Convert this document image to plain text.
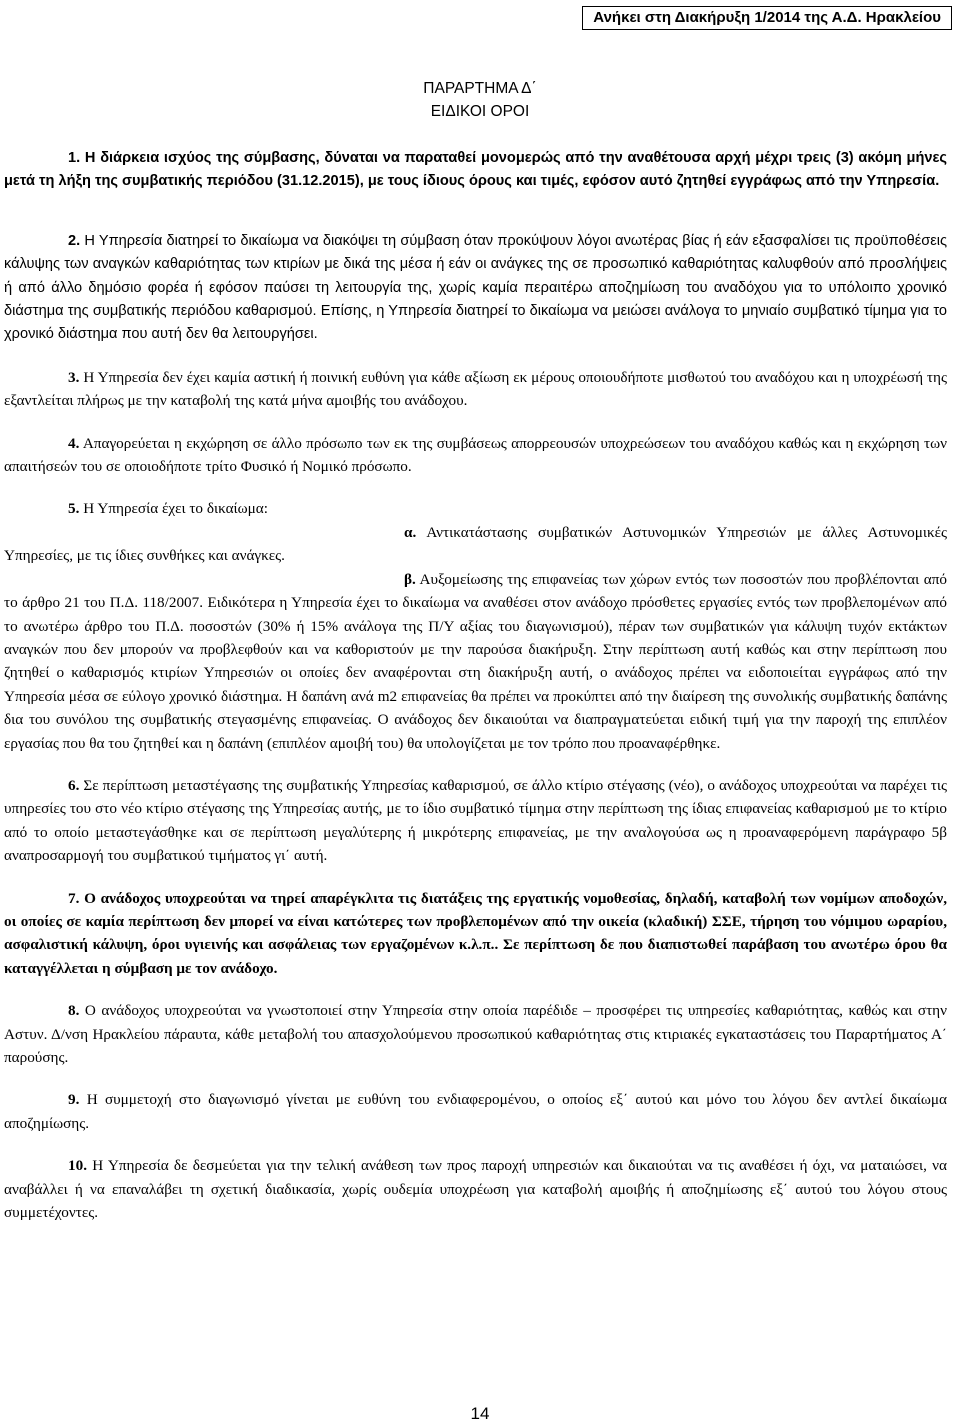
Ανήκει στη Διακήρυξη 1/2014 της Α.Δ. Ηρακλείου
ΠΑΡΑΡΤΗΜΑ Δ΄
ΕΙΔΙΚΟΙ ΟΡΟΙ

1. Η διάρκεια ισχύος της σύμβασης, δύναται να παραταθεί μονομερώς από την αναθέτουσα αρχή μέχρι τρεις (3) ακόμη μήνες μετά τη λήξη της συμβατικής περιόδου (31.12.2015), με τους ίδιους όρους και τιμές, εφόσον αυτό ζητηθεί εγγράφως από την Υπηρεσία.

2. Η Υπηρεσία διατηρεί το δικαίωμα να διακόψει τη σύμβαση όταν προκύψουν λόγοι ανωτέρας βίας ή εάν εξασφαλίσει τις προϋποθέσεις κάλυψης των αναγκών καθαριότητας των κτιρίων με δικά της μέσα ή εάν οι ανάγκες της σε προσωπικό καθαριότητας καλυφθούν από προσλήψεις ή από άλλο δημόσιο φορέα ή εφόσον παύσει τη λειτουργία της, χωρίς καμία περαιτέρω αποζημίωση του αναδόχου για το υπόλοιπο χρονικό διάστημα της συμβατικής περιόδου καθαρισμού. Επίσης, η Υπηρεσία διατηρεί το δικαίωμα να μειώσει ανάλογα το μηνιαίο συμβατικό τίμημα για το χρονικό διάστημα που αυτή δεν θα λειτουργήσει.

3. Η Υπηρεσία δεν έχει καμία αστική ή ποινική ευθύνη για κάθε αξίωση εκ μέρους οποιουδήποτε μισθωτού του αναδόχου και η υποχρέωσή της εξαντλείται πλήρως με την καταβολή της κατά μήνα αμοιβής του ανάδοχου.

4. Απαγορεύεται η εκχώρηση σε άλλο πρόσωπο των εκ της συμβάσεως απορρεουσών υποχρεώσεων του αναδόχου καθώς και η εκχώρηση των απαιτήσεών του σε οποιοδήποτε τρίτο Φυσικό ή Νομικό πρόσωπο.

5. Η Υπηρεσία έχει το δικαίωμα:

α. Αντικατάστασης συμβατικών Αστυνομικών Υπηρεσιών με άλλες Αστυνομικές Υπηρεσίες, με τις ίδιες συνθήκες και ανάγκες.

β. Αυξομείωσης της επιφανείας των χώρων εντός των ποσοστών που προβλέπονται από το άρθρο 21 του Π.Δ. 118/2007. Ειδικότερα η Υπηρεσία έχει το δικαίωμα να αναθέσει στον ανάδοχο πρόσθετες εργασίες εντός των προβλεπομένων από το ανωτέρω άρθρο του Π.Δ. ποσοστών (30% ή 15% ανάλογα της Π/Υ αξίας του διαγωνισμού), πέραν των συμβατικών για κάλυψη τυχόν εκτάκτων αναγκών που δεν μπορούν να προβλεφθούν και να καθοριστούν με την παρούσα διακήρυξη. Στην περίπτωση αυτή καθώς και στην περίπτωση που ζητηθεί ο καθαρισμός κτιρίων Υπηρεσιών οι οποίες δεν αναφέρονται στη διακήρυξη αυτή, ο ανάδοχος πρέπει να ειδοποιείται εγγράφως από την Υπηρεσία μέσα σε εύλογο χρονικό διάστημα. Η δαπάνη ανά m2 επιφανείας θα πρέπει να προκύπτει από την διαίρεση της συνολικής συμβατικής δαπάνης δια του συνόλου της συμβατικής στεγασμένης επιφανείας. Ο ανάδοχος δεν δικαιούται να διαπραγματεύεται ειδική τιμή για την παροχή της επιπλέον εργασίας που θα του ζητηθεί και η δαπάνη (επιπλέον αμοιβή του) θα υπολογίζεται με τον τρόπο που προαναφέρθηκε.

6. Σε περίπτωση μεταστέγασης της συμβατικής Υπηρεσίας καθαρισμού, σε άλλο κτίριο στέγασης (νέο), ο ανάδοχος υποχρεούται να παρέχει τις υπηρεσίες του στο νέο κτίριο στέγασης της Υπηρεσίας αυτής, με το ίδιο συμβατικό τίμημα στην περίπτωση της ίδιας επιφανείας καθαρισμού με το κτίριο από το οποίο μεταστεγάσθηκε και σε περίπτωση μεγαλύτερης ή μικρότερης επιφανείας, με την αναλογούσα ως η προαναφερόμενη παράγραφο 5β αναπροσαρμογή του συμβατικού τιμήματος γι΄ αυτή.

7. Ο ανάδοχος υποχρεούται να τηρεί απαρέγκλιτα τις διατάξεις της εργατικής νομοθεσίας, δηλαδή, καταβολή των νομίμων αποδοχών, οι οποίες σε καμία περίπτωση δεν μπορεί να είναι κατώτερες των προβλεπομένων από την οικεία (κλαδική) ΣΣΕ, τήρηση του νόμιμου ωραρίου, ασφαλιστική κάλυψη, όροι υγιεινής και ασφάλειας των εργαζομένων κ.λ.π.. Σε περίπτωση δε που διαπιστωθεί παράβαση του ανωτέρω όρου θα καταγγέλλεται η σύμβαση με τον ανάδοχο.

8. Ο ανάδοχος υποχρεούται να γνωστοποιεί στην Υπηρεσία στην οποία παρέδιδε – προσφέρει τις υπηρεσίες καθαριότητας, καθώς και στην Αστυν. Δ/νση Ηρακλείου πάραυτα, κάθε μεταβολή του απασχολούμενου προσωπικού καθαριότητας στις κτιριακές εγκαταστάσεις του Παραρτήματος Α΄ παρούσης.

9. Η συμμετοχή στο διαγωνισμό γίνεται με ευθύνη του ενδιαφερομένου, ο οποίος εξ΄ αυτού και μόνο του λόγου δεν αντλεί δικαίωμα αποζημίωσης.

10. Η Υπηρεσία δε δεσμεύεται για την τελική ανάθεση των προς παροχή υπηρεσιών και δικαιούται να τις αναθέσει ή όχι, να ματαιώσει, να αναβάλλει ή να επαναλάβει τη σχετική διαδικασία, χωρίς ουδεμία υποχρέωση για καταβολή αμοιβής ή αποζημίωσης εξ΄ αυτού του λόγου στους συμμετέχοντες.

14
